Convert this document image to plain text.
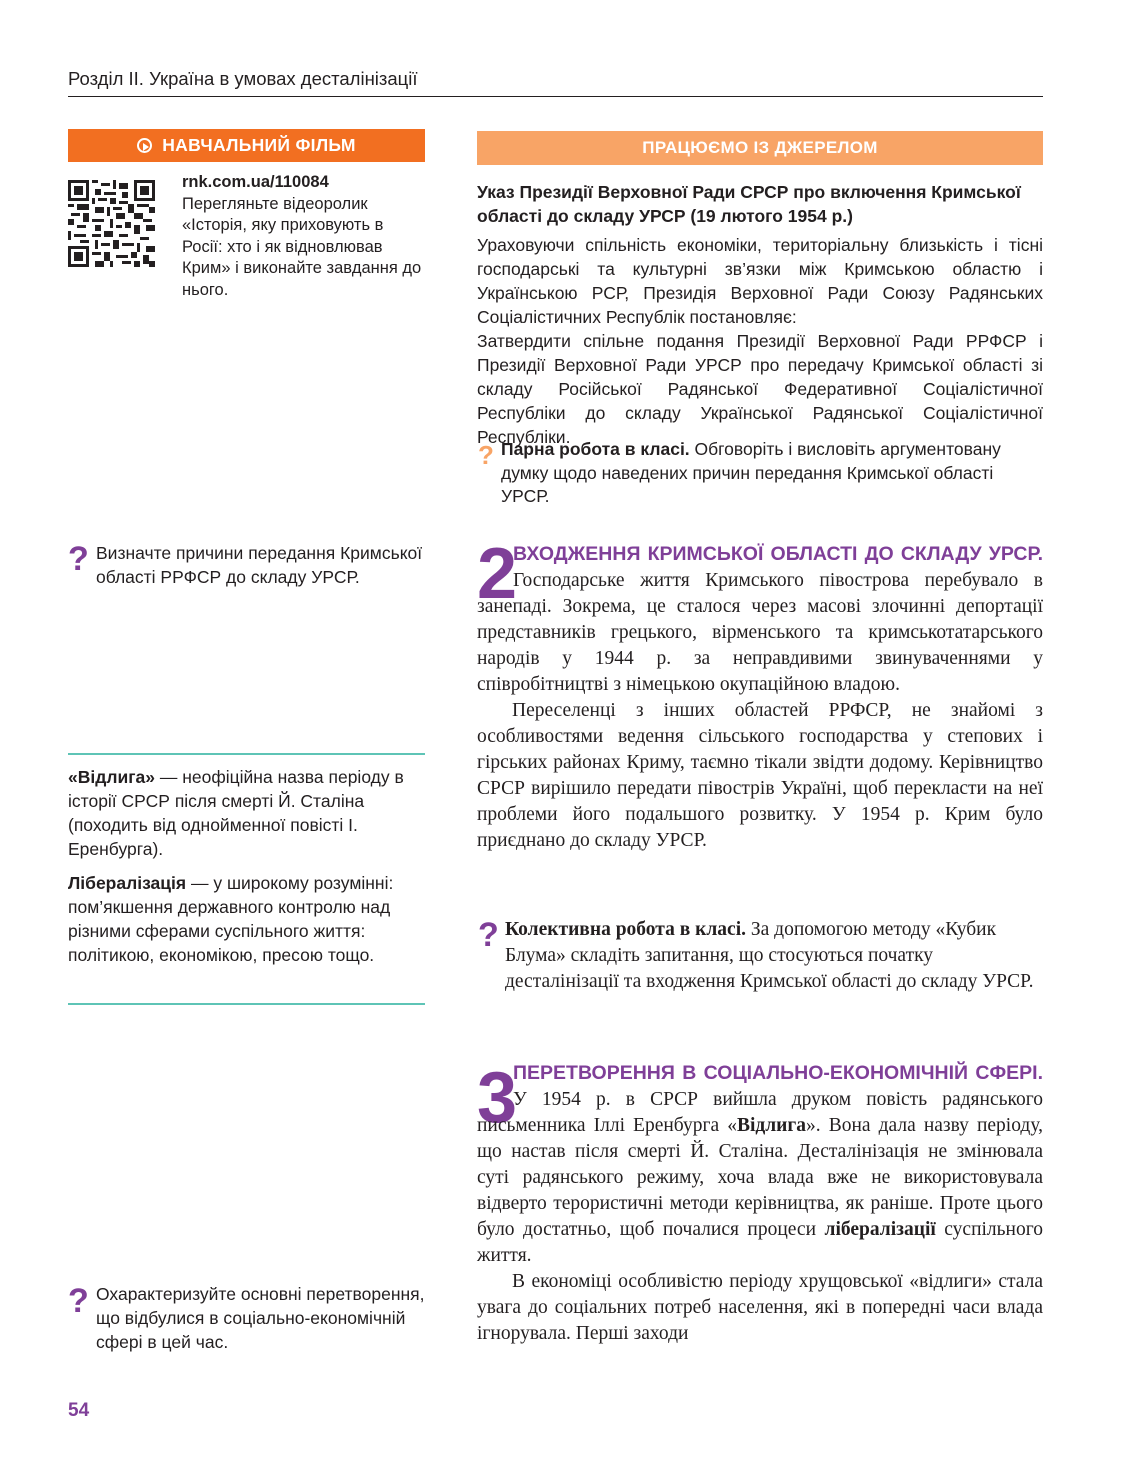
Розділ ІІ. Україна в умовах десталінізації
НАВЧАЛЬНИЙ ФІЛЬМ
rnk.com.ua/110084
Перегляньте відеоролик «Історія, яку приховують в Росії: хто і як відновлював Крим» і виконайте завдання до нього.
ПРАЦЮЄМО ІЗ ДЖЕРЕЛОМ
Указ Президії Верховної Ради СРСР про включення Кримської області до складу УРСР (19 лютого 1954 р.)

Ураховуючи спільність економіки, територіальну близькість і тісні господарські та культурні зв’язки між Кримською областю і Українською РСР, Президія Верховної Ради Союзу Радянських Соціалістичних Республік постановляє:

Затвердити спільне подання Президії Верховної Ради РРФСР і Президії Верховної Ради УРСР про передачу Кримської області зі складу Російської Радянської Федеративної Соціалістичної Республіки до складу Української Радянської Соціалістичної Республіки.

? Парна робота в класі. Обговоріть і висловіть аргументовану думку щодо наведених причин передання Кримської області УРСР.
? Визначте причини передання Кримської області РРФСР до складу УРСР.

«Відлига» — неофіційна назва періоду в історії СРСР після смерті Й. Сталіна (походить від однойменної повісті І. Еренбурга).

Лібералізація — у широкому розумінні: пом’якшення державного контролю над різними сферами суспільного життя: політикою, економікою, пресою тощо.

? Охарактеризуйте основні перетворення, що відбулися в соціально-економічній сфері в цей час.
2
? Колективна робота в класі. За допомогою методу «Кубик Блума» складіть запитання, що стосуються початку десталінізації та входження Кримської області до складу УРСР.
3
54

ВХОДЖЕННЯ КРИМСЬКОЇ ОБЛАСТІ ДО СКЛАДУ УРСР. Господарське життя Кримського півострова перебувало в занепаді. Зокрема, це сталося через масові злочинні депортації представників грецького, вірменського та кримськотатарського народів у 1944 р. за неправдивими звинуваченнями у співробітництві з німецькою окупаційною владою.

Переселенці з інших областей РРФСР, не знайомі з особливостями ведення сільського господарства у степових і гірських районах Криму, таємно тікали звідти додому. Керівництво СРСР вирішило передати півострів Україні, щоб перекласти на неї проблеми його подальшого розвитку. У 1954 р. Крим було приєднано до складу УРСР.

ПЕРЕТВОРЕННЯ В СОЦІАЛЬНО-ЕКОНОМІЧНІЙ СФЕРІ. У 1954 р. в СРСР вийшла друком повість радянського письменника Іллі Еренбурга «Відлига». Вона дала назву періоду, що настав після смерті Й. Сталіна. Десталінізація не змінювала суті радянського режиму, хоча влада вже не використовувала відверто терористичні методи керівництва, як раніше. Проте цього було достатньо, щоб почалися процеси лібералізації суспільного життя.

В економіці особливістю періоду хрущовської «відлиги» стала увага до соціальних потреб населення, які в попередні часи влада ігнорувала. Перші заходи
